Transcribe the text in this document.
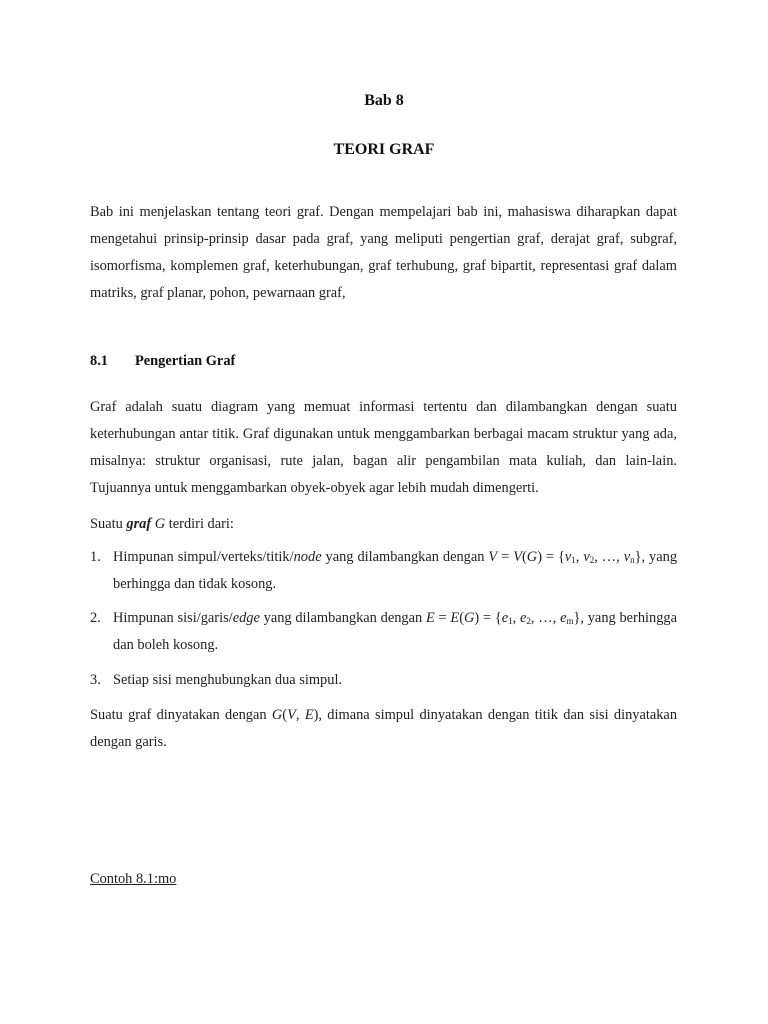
Bab 8
TEORI GRAF
Bab ini menjelaskan tentang teori graf. Dengan mempelajari bab ini, mahasiswa diharapkan dapat mengetahui prinsip-prinsip dasar pada graf, yang meliputi pengertian graf, derajat graf, subgraf, isomorfisma, komplemen graf, keterhubungan, graf terhubung, graf bipartit, representasi graf dalam matriks, graf planar, pohon, pewarnaan graf,
8.1 Pengertian Graf
Graf adalah suatu diagram yang memuat informasi tertentu dan dilambangkan dengan suatu keterhubungan antar titik. Graf digunakan untuk menggambarkan berbagai macam struktur yang ada, misalnya: struktur organisasi, rute jalan, bagan alir pengambilan mata kuliah, dan lain-lain. Tujuannya untuk menggambarkan obyek-obyek agar lebih mudah dimengerti.
Suatu graf G terdiri dari:
1. Himpunan simpul/verteks/titik/node yang dilambangkan dengan $V = V(G) = \{v_1$, $v_2$, …, $v_n$}, yang berhingga dan tidak kosong.
2. Himpunan sisi/garis/edge yang dilambangkan dengan $E = E(G) = \{e_1$, $e_2$, …, $e_m$}, yang berhingga dan boleh kosong.
3. Setiap sisi menghubungkan dua simpul.
Suatu graf dinyatakan dengan G(V, E), dimana simpul dinyatakan dengan titik dan sisi dinyatakan dengan garis.
Contoh 8.1:mo
